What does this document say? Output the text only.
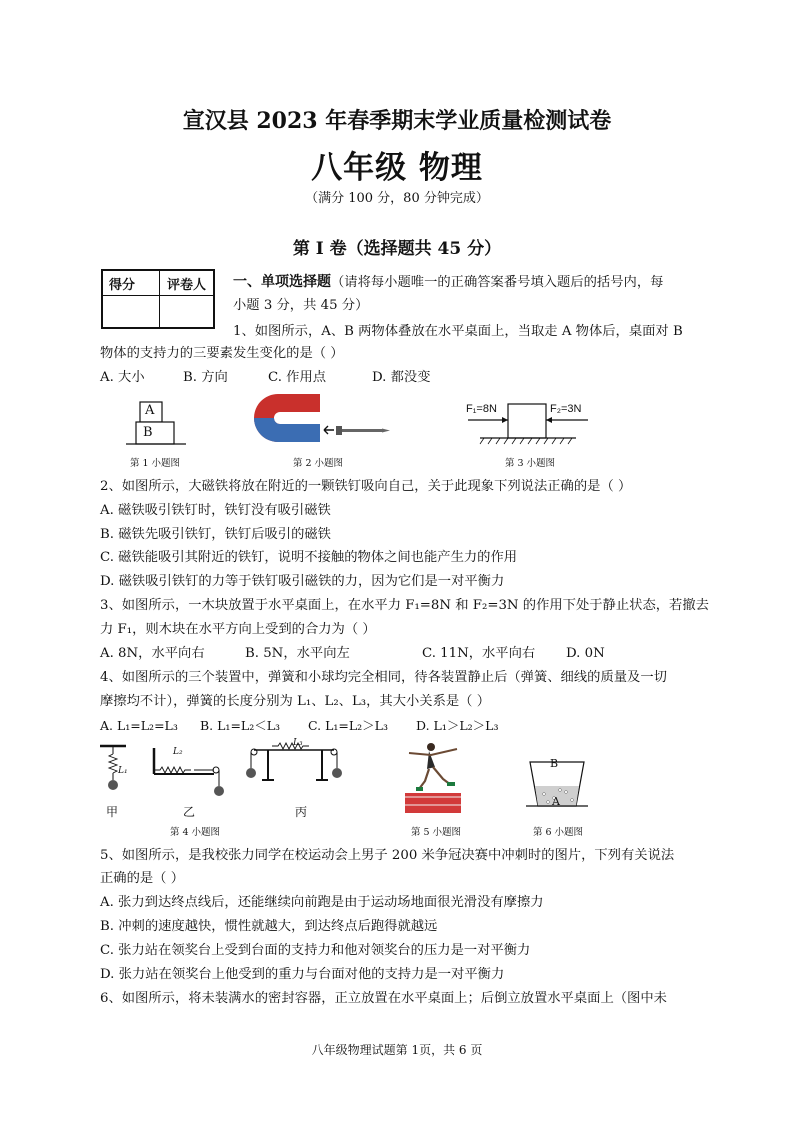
宣汉县 2023 年春季期末学业质量检测试卷
八年级 物理
（满分 100 分，80 分钟完成）
第 I 卷（选择题共 45 分）
得分 评卷人 一、单项选择题（请将每小题唯一的正确答案番号填入题后的括号内，每
小题 3 分，共 45 分）
1、如图所示，A、B 两物体叠放在水平桌面上，当取走 A 物体后，桌面对 B
物体的支持力的三要素发生变化的是（ ）
A. 大小	B. 方向	C. 作用点	D. 都没变
A
B
第 1 小题图	第 2 小题图
F₁=8N	F₂=3N
第 3 小题图
2、如图所示，大磁铁将放在附近的一颗铁钉吸向自己，关于此现象下列说法正确的是（ ）
A. 磁铁吸引铁钉时，铁钉没有吸引磁铁
B. 磁铁先吸引铁钉，铁钉后吸引的磁铁
C. 磁铁能吸引其附近的铁钉，说明不接触的物体之间也能产生力的作用
D. 磁铁吸引铁钉的力等于铁钉吸引磁铁的力，因为它们是一对平衡力
3、如图所示，一木块放置于水平桌面上，在水平力 F₁=8N 和 F₂=3N 的作用下处于静止状态，若撤去
力 F₁，则木块在水平方向上受到的合力为（ ）
A. 8N，水平向右	B. 5N，水平向左	C. 11N，水平向右 D. 0N
4、如图所示的三个装置中，弹簧和小球均完全相同，待各装置静止后（弹簧、细线的质量及一切
摩擦均不计），弹簧的长度分别为 L₁、L₂、L₃，其大小关系是（ ）
A. L₁=L₂=L₃ B. L₁=L₂＜L₃ C. L₁=L₂＞L₃ D. L₁＞L₂＞L₃
L₁
L₂
L₃
甲	乙	丙
第 4 小题图	第 5 小题图
B
A
第 6 小题图
5、如图所示，是我校张力同学在校运动会上男子 200 米争冠决赛中冲刺时的图片，下列有关说法
正确的是（ ）
A. 张力到达终点线后，还能继续向前跑是由于运动场地面很光滑没有摩擦力
B. 冲刺的速度越快，惯性就越大，到达终点后跑得就越远
C. 张力站在领奖台上受到台面的支持力和他对领奖台的压力是一对平衡力
D. 张力站在领奖台上他受到的重力与台面对他的支持力是一对平衡力
6、如图所示，将未装满水的密封容器，正立放置在水平桌面上；后倒立放置水平桌面上（图中未
八年级物理试题第 1页，共 6 页
